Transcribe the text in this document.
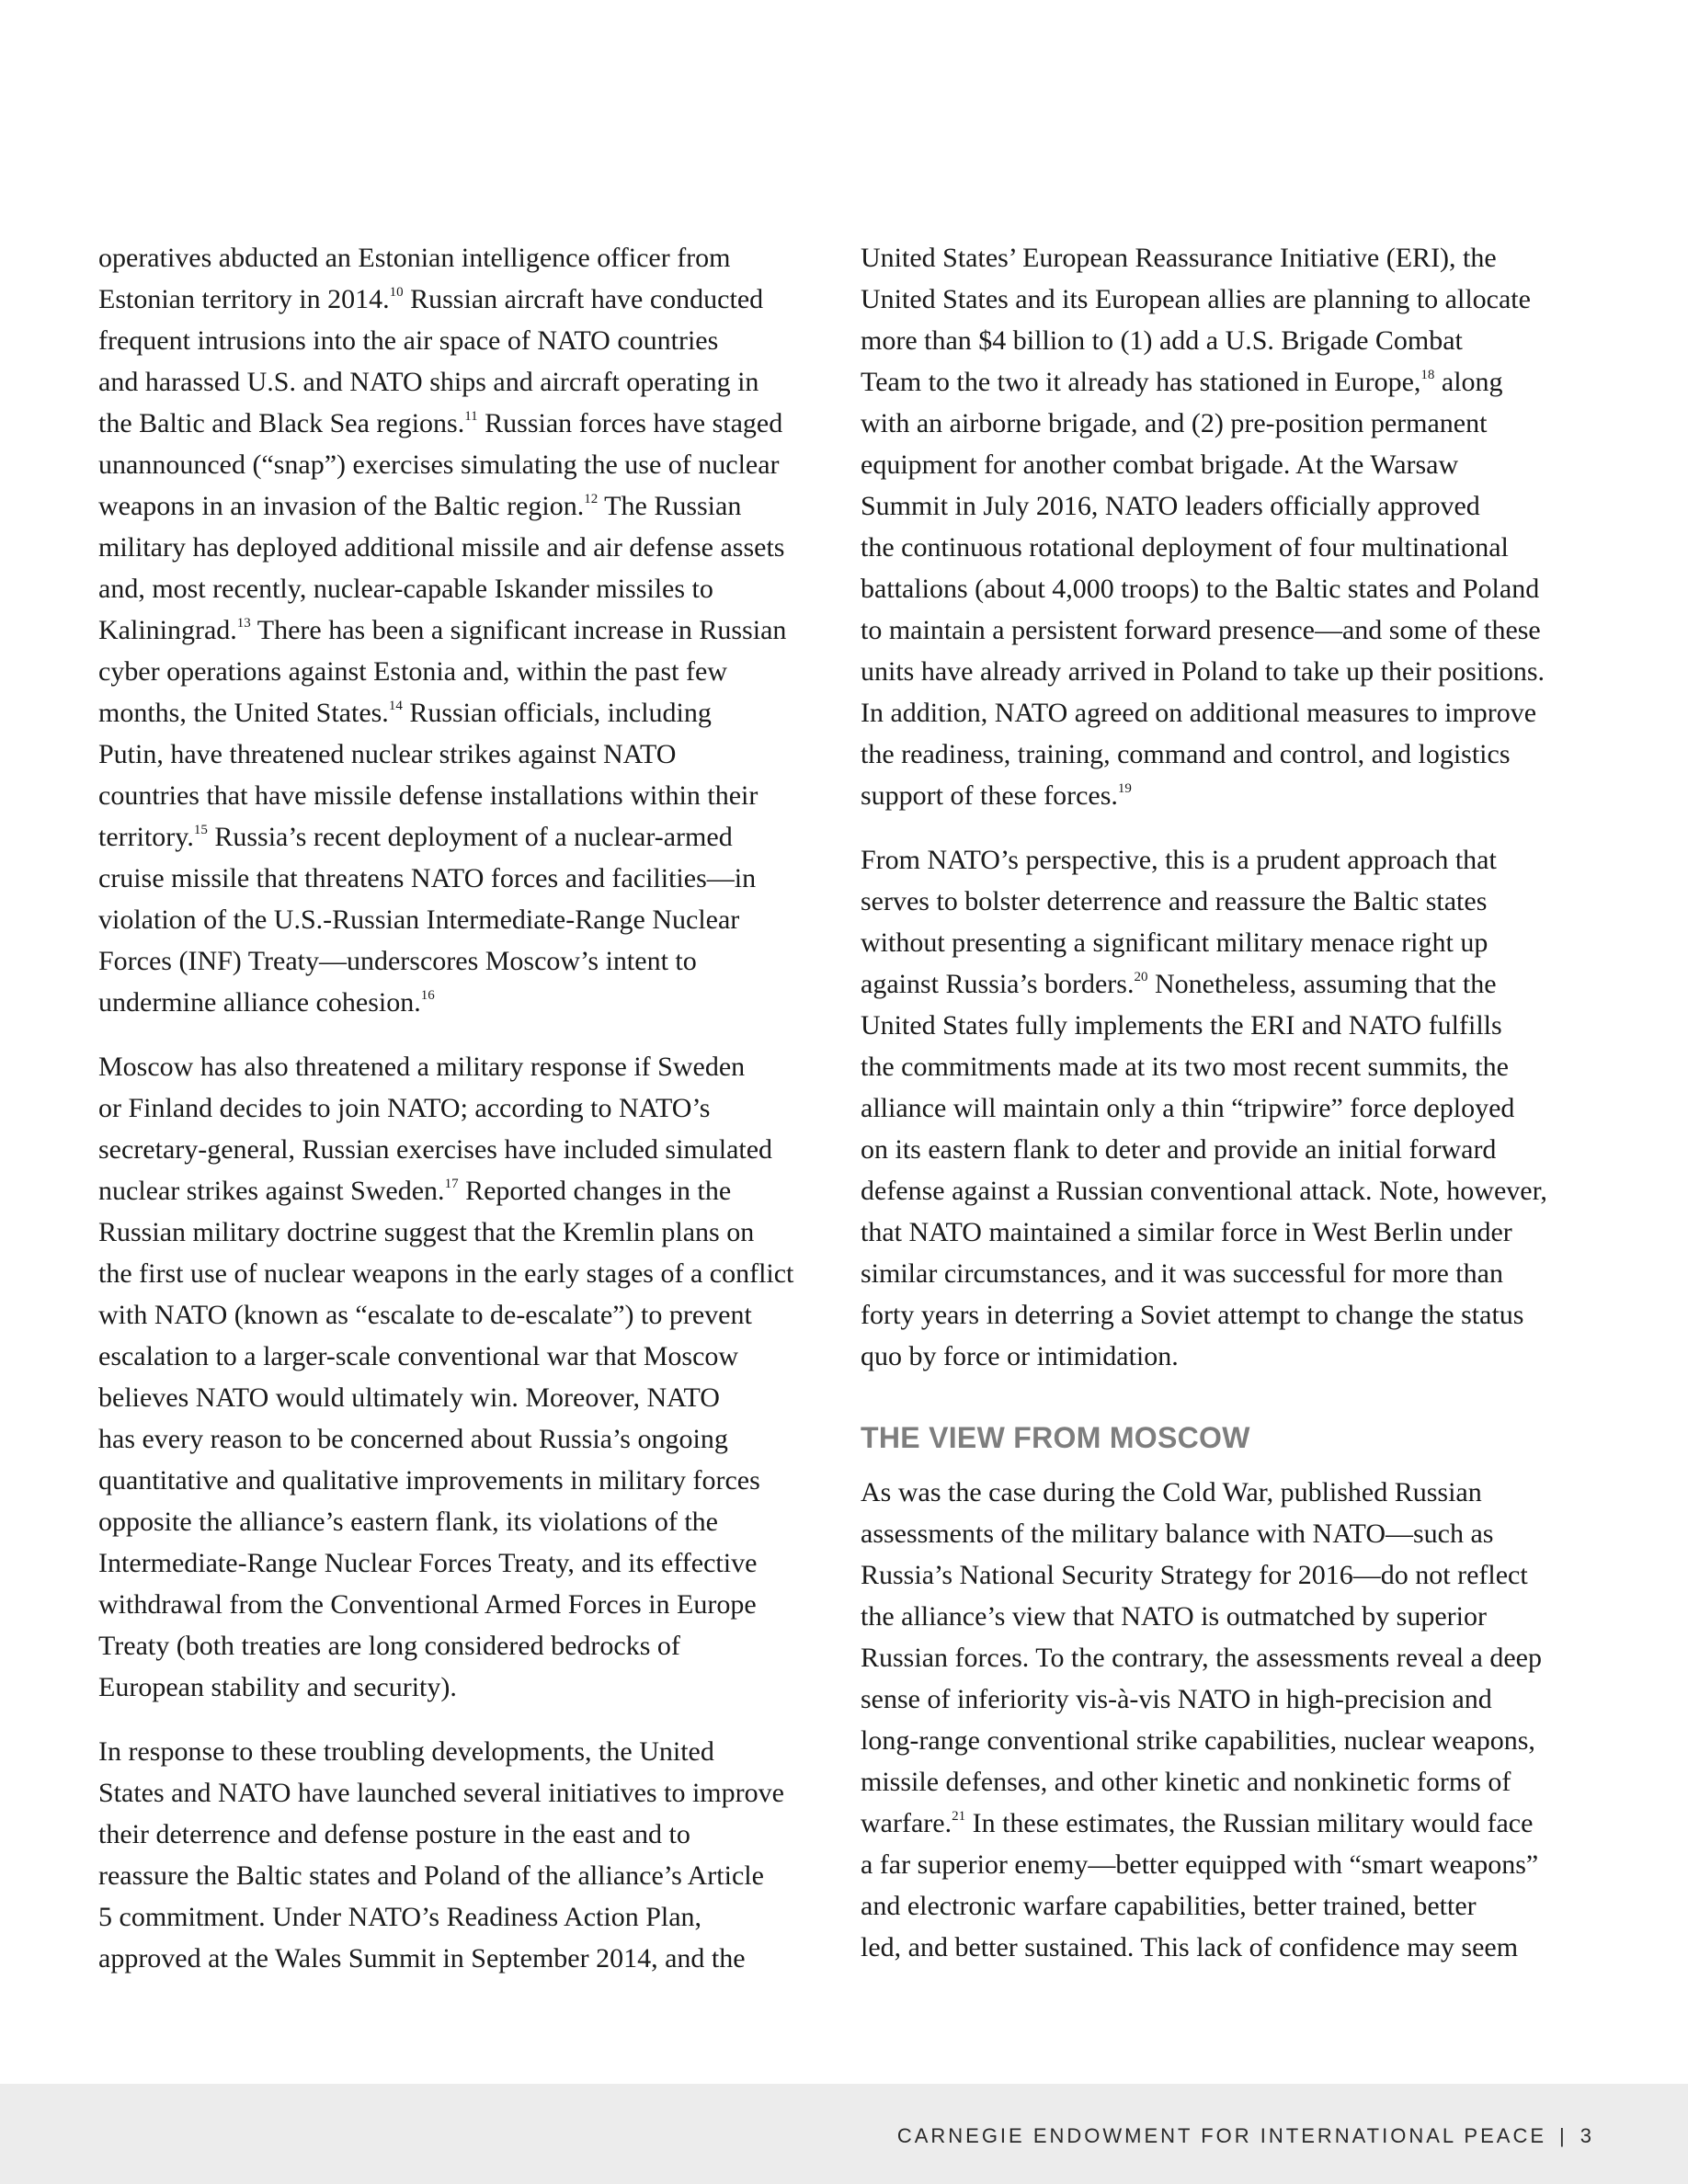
operatives abducted an Estonian intelligence officer from
Estonian territory in 2014.10 Russian aircraft have conducted
frequent intrusions into the air space of NATO countries
and harassed U.S. and NATO ships and aircraft operating in
the Baltic and Black Sea regions.$^{11}$ Russian forces have staged
unannounced (“snap”) exercises simulating the use of nuclear
weapons in an invasion of the Baltic region.$^{12}$ The Russian
military has deployed additional missile and air defense assets
and, most recently, nuclear-capable Iskander missiles to
Kaliningrad.$^{13}$ There has been a significant increase in Russian
cyber operations against Estonia and, within the past few
months, the United States.$^{14}$ Russian officials, including
Putin, have threatened nuclear strikes against NATO
countries that have missile defense installations within their
territory.$^{15}$ Russia’s recent deployment of a nuclear-armed
cruise missile that threatens NATO forces and facilities—in
violation of the U.S.-Russian Intermediate-Range Nuclear
Forces (INF) Treaty—underscores Moscow’s intent to
undermine alliance cohesion.$^{16}$
Moscow has also threatened a military response if Sweden
or Finland decides to join NATO; according to NATO’s
secretary-general, Russian exercises have included simulated
nuclear strikes against Sweden.$^{17}$ Reported changes in the
Russian military doctrine suggest that the Kremlin plans on
the first use of nuclear weapons in the early stages of a conflict
with NATO (known as “escalate to de-escalate”) to prevent
escalation to a larger-scale conventional war that Moscow
believes NATO would ultimately win. Moreover, NATO
has every reason to be concerned about Russia’s ongoing
quantitative and qualitative improvements in military forces
opposite the alliance’s eastern flank, its violations of the
Intermediate-Range Nuclear Forces Treaty, and its effective
withdrawal from the Conventional Armed Forces in Europe
Treaty (both treaties are long considered bedrocks of
European stability and security).
In response to these troubling developments, the United
States and NATO have launched several initiatives to improve
their deterrence and defense posture in the east and to
reassure the Baltic states and Poland of the alliance’s Article
5 commitment. Under NATO’s Readiness Action Plan,
approved at the Wales Summit in September 2014, and the
United States’ European Reassurance Initiative (ERI), the
United States and its European allies are planning to allocate
more than $4 billion to (1) add a U.S. Brigade Combat
Team to the two it already has stationed in Europe,$^{18}$ along
with an airborne brigade, and (2) pre-position permanent
equipment for another combat brigade. At the Warsaw
Summit in July 2016, NATO leaders officially approved
the continuous rotational deployment of four multinational
battalions (about 4,000 troops) to the Baltic states and Poland
to maintain a persistent forward presence—and some of these
units have already arrived in Poland to take up their positions.
In addition, NATO agreed on additional measures to improve
the readiness, training, command and control, and logistics
support of these forces.$^{19}$
From NATO’s perspective, this is a prudent approach that
serves to bolster deterrence and reassure the Baltic states
without presenting a significant military menace right up
against Russia’s borders.$^{20}$ Nonetheless, assuming that the
United States fully implements the ERI and NATO fulfills
the commitments made at its two most recent summits, the
alliance will maintain only a thin “tripwire” force deployed
on its eastern flank to deter and provide an initial forward
defense against a Russian conventional attack. Note, however,
that NATO maintained a similar force in West Berlin under
similar circumstances, and it was successful for more than
forty years in deterring a Soviet attempt to change the status
quo by force or intimidation.
THE VIEW FROM MOSCOW
As was the case during the Cold War, published Russian
assessments of the military balance with NATO—such as
Russia’s National Security Strategy for 2016—do not reflect
the alliance’s view that NATO is outmatched by superior
Russian forces. To the contrary, the assessments reveal a deep
sense of inferiority vis-à-vis NATO in high-precision and
long-range conventional strike capabilities, nuclear weapons,
missile defenses, and other kinetic and nonkinetic forms of
warfare.$^{21}$ In these estimates, the Russian military would face
a far superior enemy—better equipped with “smart weapons”
and electronic warfare capabilities, better trained, better
led, and better sustained. This lack of confidence may seem
CARNEGIE ENDOWMENT FOR INTERNATIONAL PEACE | 3
